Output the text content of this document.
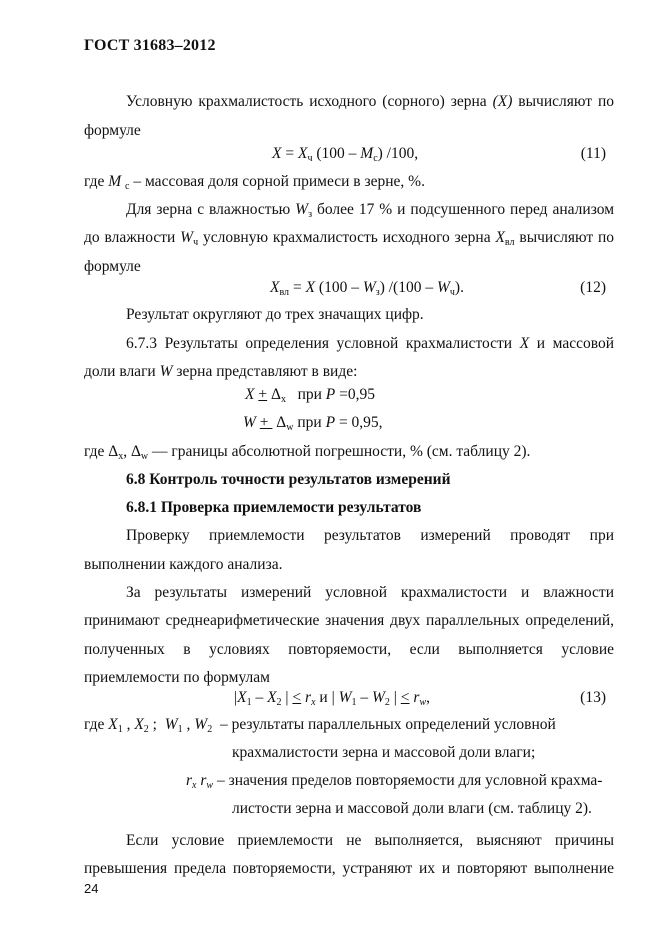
ГОСТ 31683–2012
Условную крахмалистость исходного (сорного) зерна (X) вычисляют по
формуле
$X = X_ч$ $(100 - M_c)$ /100,	(11)
где M $_c$ – массовая доля сорной примеси в зерне, %.
Для зерна с влажностью $W_з$ более 17 % и подсушенного перед анализом
до влажности $W_ч$ условную крахмалистость исходного зерна $X_{вл}$ вычисляют по
формуле
$X_{вл} = X$ $(100 - W_з)$ $/(100 - W_ч)$.	(12)
Результат округляют до трех значащих цифр.
6.7.3 Результаты определения условной крахмалистости X и массовой
доли влаги W зерна представляют в виде:
$X + \Delta_x$ при P =0,95
$W + \Delta_w$ при P = 0,95,
где $\Delta_x$, $\Delta_w$ — границы абсолютной погрешности, % (см. таблицу 2).
6.8 Контроль точности результатов измерений
6.8.1 Проверка приемлемости результатов
Проверку приемлемости результатов измерений проводят при
выполнении каждого анализа.
За результаты измерений условной крахмалистости и влажности
принимают среднеарифметические значения двух параллельных определений,
полученных в условиях повторяемости, если выполняется условие
приемлемости по формулам
$|X_1 - X_2$ | < $r_x$ и | $W_1 - W_2$ | < $r_w$,	(13)
где $X_1$ , $X_2$ ;  $W_1$ , $W_2$ – результаты параллельных определений условной
крахмалистости зерна и массовой доли влаги;
$r_x$ $r_w$ – значения пределов повторяемости для условной крахма-
листости зерна и массовой доли влаги (см. таблицу 2).
Если условие приемлемости не выполняется, выясняют причины
превышения предела повторяемости, устраняют их и повторяют выполнение
24
